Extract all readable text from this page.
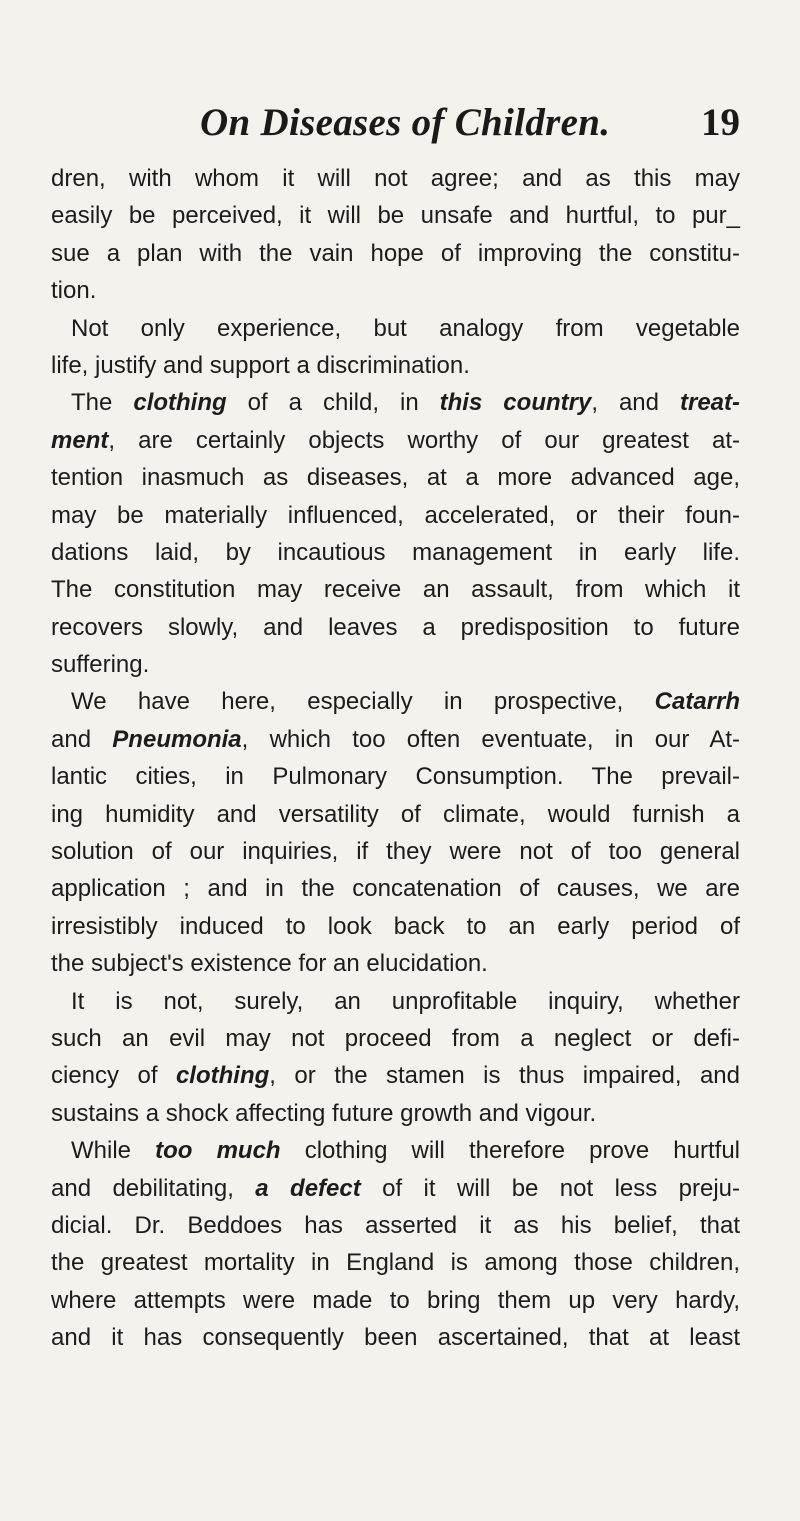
On Diseases of Children. 19
dren, with whom it will not agree; and as this may
easily be perceived, it will be unsafe and hurtful, to pur_
sue a plan with the vain hope of improving the constitu-
tion.
Not only experience, but analogy from vegetable
life, justify and support a discrimination.
The clothing of a child, in this country, and treat-
ment, are certainly objects worthy of our greatest at-
tention inasmuch as diseases, at a more advanced age,
may be materially influenced, accelerated, or their foun-
dations laid, by incautious management in early life.
The constitution may receive an assault, from which it
recovers slowly, and leaves a predisposition to future
suffering.
We have here, especially in prospective, Catarrh
and Pneumonia, which too often eventuate, in our At-
lantic cities, in Pulmonary Consumption. The prevail-
ing humidity and versatility of climate, would furnish a
solution of our inquiries, if they were not of too general
application ; and in the concatenation of causes, we are
irresistibly induced to look back to an early period of
the subject's existence for an elucidation.
It is not, surely, an unprofitable inquiry, whether
such an evil may not proceed from a neglect or defi-
ciency of clothing, or the stamen is thus impaired, and
sustains a shock affecting future growth and vigour.
While too much clothing will therefore prove hurtful
and debilitating, a defect of it will be not less preju-
dicial. Dr. Beddoes has asserted it as his belief, that
the greatest mortality in England is among those children,
where attempts were made to bring them up very hardy,
and it has consequently been ascertained, that at least
